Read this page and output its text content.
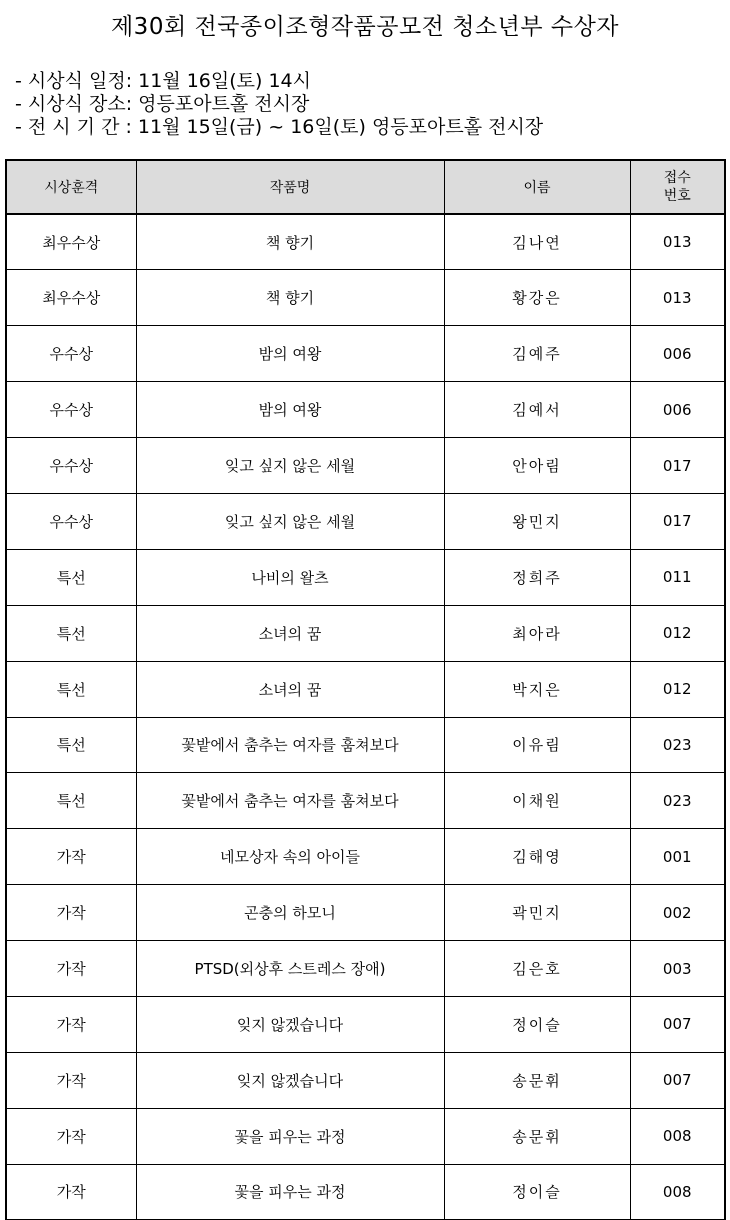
제30회 전국종이조형작품공모전 청소년부 수상자
- 시상식 일정: 11월 16일(토) 14시
- 시상식 장소: 영등포아트홀 전시장
- 전 시 기 간 : 11월 15일(금) ~ 16일(토) 영등포아트홀 전시장
시상훈격	작품명	이름	접수
번호

최우수상	책 향기	김나연	013
최우수상	책 향기	황강은	013
우수상	밤의 여왕	김예주	006
우수상	밤의 여왕	김예서	006
우수상	잊고 싶지 않은 세월	안아림	017
우수상	잊고 싶지 않은 세월	왕민지	017
특선	나비의 왈츠	정희주	011
특선	소녀의 꿈	최아라	012
특선	소녀의 꿈	박지은	012
특선	꽃밭에서 춤추는 여자를 훔쳐보다	이유림	023
특선	꽃밭에서 춤추는 여자를 훔쳐보다	이채원	023
가작	네모상자 속의 아이들	김해영	001
가작	곤충의 하모니	곽민지	002
가작	PTSD(외상후 스트레스 장애)	김은호	003
가작	잊지 않겠습니다	정이슬	007
가작	잊지 않겠습니다	송문휘	007
가작	꽃을 피우는 과정	송문휘	008
가작	꽃을 피우는 과정	정이슬	008
